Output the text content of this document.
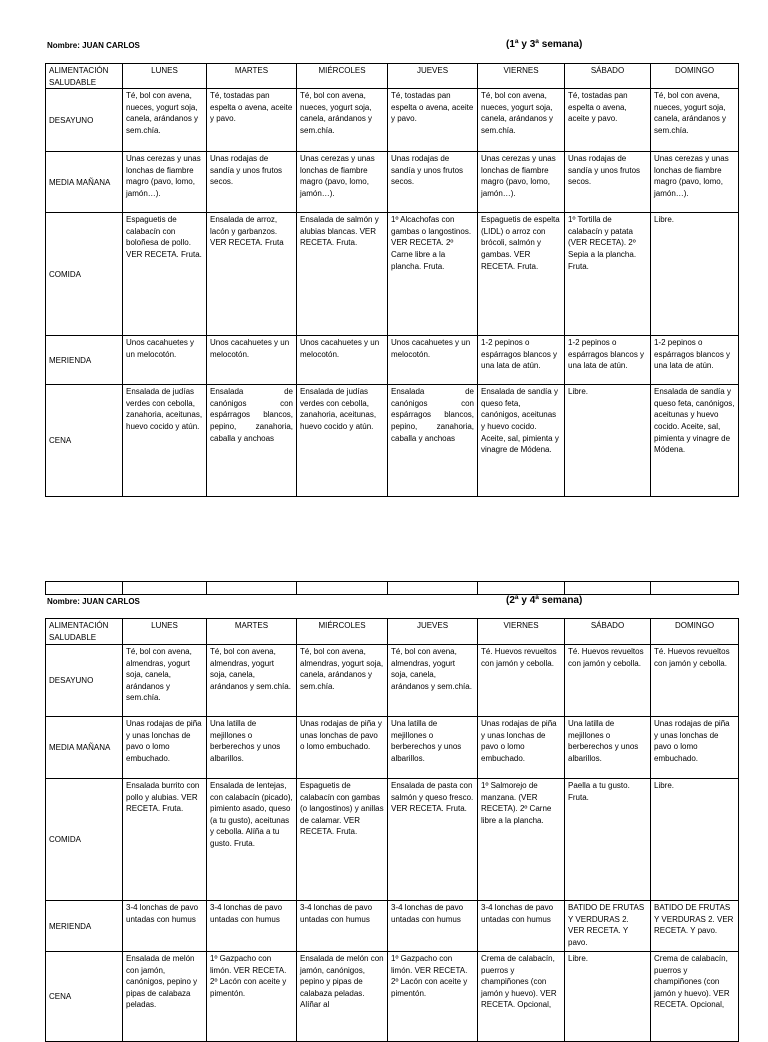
Nombre: JUAN CARLOS	(1ª y 3ª semana)
ALIMENTACIÓN SALUDABLE	LUNES	MARTES	MIÉRCOLES	JUEVES	VIERNES	SÁBADO	DOMINGO
DESAYUNO	Té, bol con avena, nueces, yogurt soja, canela, arándanos y sem.chía.	Té, tostadas pan espelta o avena, aceite y pavo.	Té, bol con avena, nueces, yogurt soja, canela, arándanos y sem.chía.	Té, tostadas pan espelta o avena, aceite y pavo.	Té, bol con avena, nueces, yogurt soja, canela, arándanos y sem.chía.	Té, tostadas pan espelta o avena, aceite y pavo.	Té, bol con avena, nueces, yogurt soja, canela, arándanos y sem.chía.
MEDIA MAÑANA	Unas cerezas y unas lonchas de fiambre magro (pavo, lomo, jamón…).	Unas rodajas de sandía y unos frutos secos.	Unas cerezas y unas lonchas de fiambre magro (pavo, lomo, jamón…).	Unas rodajas de sandía y unos frutos secos.	Unas cerezas y unas lonchas de fiambre magro (pavo, lomo, jamón…).	Unas rodajas de sandía y unos frutos secos.	Unas cerezas y unas lonchas de fiambre magro (pavo, lomo, jamón…).
COMIDA	Espaguetis de calabacín con boloñesa de pollo. VER RECETA. Fruta.	Ensalada de arroz, lacón y garbanzos. VER RECETA. Fruta	Ensalada de salmón y alubias blancas. VER RECETA. Fruta.	1º Alcachofas con gambas o langostinos. VER RECETA. 2º Carne libre a la plancha. Fruta.	Espaguetis de espelta (LIDL) o arroz con brócoli, salmón y gambas. VER RECETA. Fruta.	1º Tortilla de calabacín y patata (VER RECETA). 2º Sepia a la plancha. Fruta.	Libre.
MERIENDA	Unos cacahuetes y un melocotón.	Unos cacahuetes y un melocotón.	Unos cacahuetes y un melocotón.	Unos cacahuetes y un melocotón.	1-2 pepinos o espárragos blancos y una lata de atún.	1-2 pepinos o espárragos blancos y una lata de atún.	1-2 pepinos o espárragos blancos y una lata de atún.
CENA	Ensalada de judías verdes con cebolla, zanahoria, aceitunas, huevo cocido y atún.	Ensalada de canónigos con espárragos blancos, pepino, zanahoria, caballa y anchoas	Ensalada de judías verdes con cebolla, zanahoria, aceitunas, huevo cocido y atún.	Ensalada de canónigos con espárragos blancos, pepino, zanahoria, caballa y anchoas	Ensalada de sandía y queso feta, canónigos, aceitunas y huevo cocido. Aceite, sal, pimienta y vinagre de Módena.	Libre.	Ensalada de sandía y queso feta, canónigos, aceitunas y huevo cocido. Aceite, sal, pimienta y vinagre de Módena.

Nombre: JUAN CARLOS	(2ª y 4ª semana)
ALIMENTACIÓN SALUDABLE	LUNES	MARTES	MIÉRCOLES	JUEVES	VIERNES	SÁBADO	DOMINGO
DESAYUNO	Té, bol con avena, almendras, yogurt soja, canela, arándanos y sem.chía.	Té, bol con avena, almendras, yogurt soja, canela, arándanos y sem.chía.	Té, bol con avena, almendras, yogurt soja, canela, arándanos y sem.chía.	Té, bol con avena, almendras, yogurt soja, canela, arándanos y sem.chía.	Té. Huevos revueltos con jamón y cebolla.	Té. Huevos revueltos con jamón y cebolla.	Té. Huevos revueltos con jamón y cebolla.
MEDIA MAÑANA	Unas rodajas de piña y unas lonchas de pavo o lomo embuchado.	Una latilla de mejillones o berberechos y unos albarillos.	Unas rodajas de piña y unas lonchas de pavo o lomo embuchado.	Una latilla de mejillones o berberechos y unos albarillos.	Unas rodajas de piña y unas lonchas de pavo o lomo embuchado.	Una latilla de mejillones o berberechos y unos albarillos.	Unas rodajas de piña y unas lonchas de pavo o lomo embuchado.
COMIDA	Ensalada burrito con pollo y alubias. VER RECETA. Fruta.	Ensalada de lentejas, con calabacín (picado), pimiento asado, queso (a tu gusto), aceitunas y cebolla. Alíña a tu gusto. Fruta.	Espaguetis de calabacín con gambas (o langostinos) y anillas de calamar. VER RECETA. Fruta.	Ensalada de pasta con salmón y queso fresco. VER RECETA. Fruta.	1º Salmorejo de manzana. (VER RECETA). 2º Carne libre a la plancha.	Paella a tu gusto. Fruta.	Libre.
MERIENDA	3-4 lonchas de pavo untadas con humus	3-4 lonchas de pavo untadas con humus	3-4 lonchas de pavo untadas con humus	3-4 lonchas de pavo untadas con humus	3-4 lonchas de pavo untadas con humus	BATIDO DE FRUTAS Y VERDURAS 2. VER RECETA. Y pavo.	BATIDO DE FRUTAS Y VERDURAS 2. VER RECETA. Y pavo.
CENA	Ensalada de melón con jamón, canónigos, pepino y pipas de calabaza peladas.	1º Gazpacho con limón. VER RECETA. 2º Lacón con aceite y pimentón.	Ensalada de melón con jamón, canónigos, pepino y pipas de calabaza peladas. Alíñar al	1º Gazpacho con limón. VER RECETA. 2º Lacón con aceite y pimentón.	Crema de calabacín, puerros y champiñones (con jamón y huevo). VER RECETA. Opcional,	Libre.	Crema de calabacín, puerros y champiñones (con jamón y huevo). VER RECETA. Opcional,
